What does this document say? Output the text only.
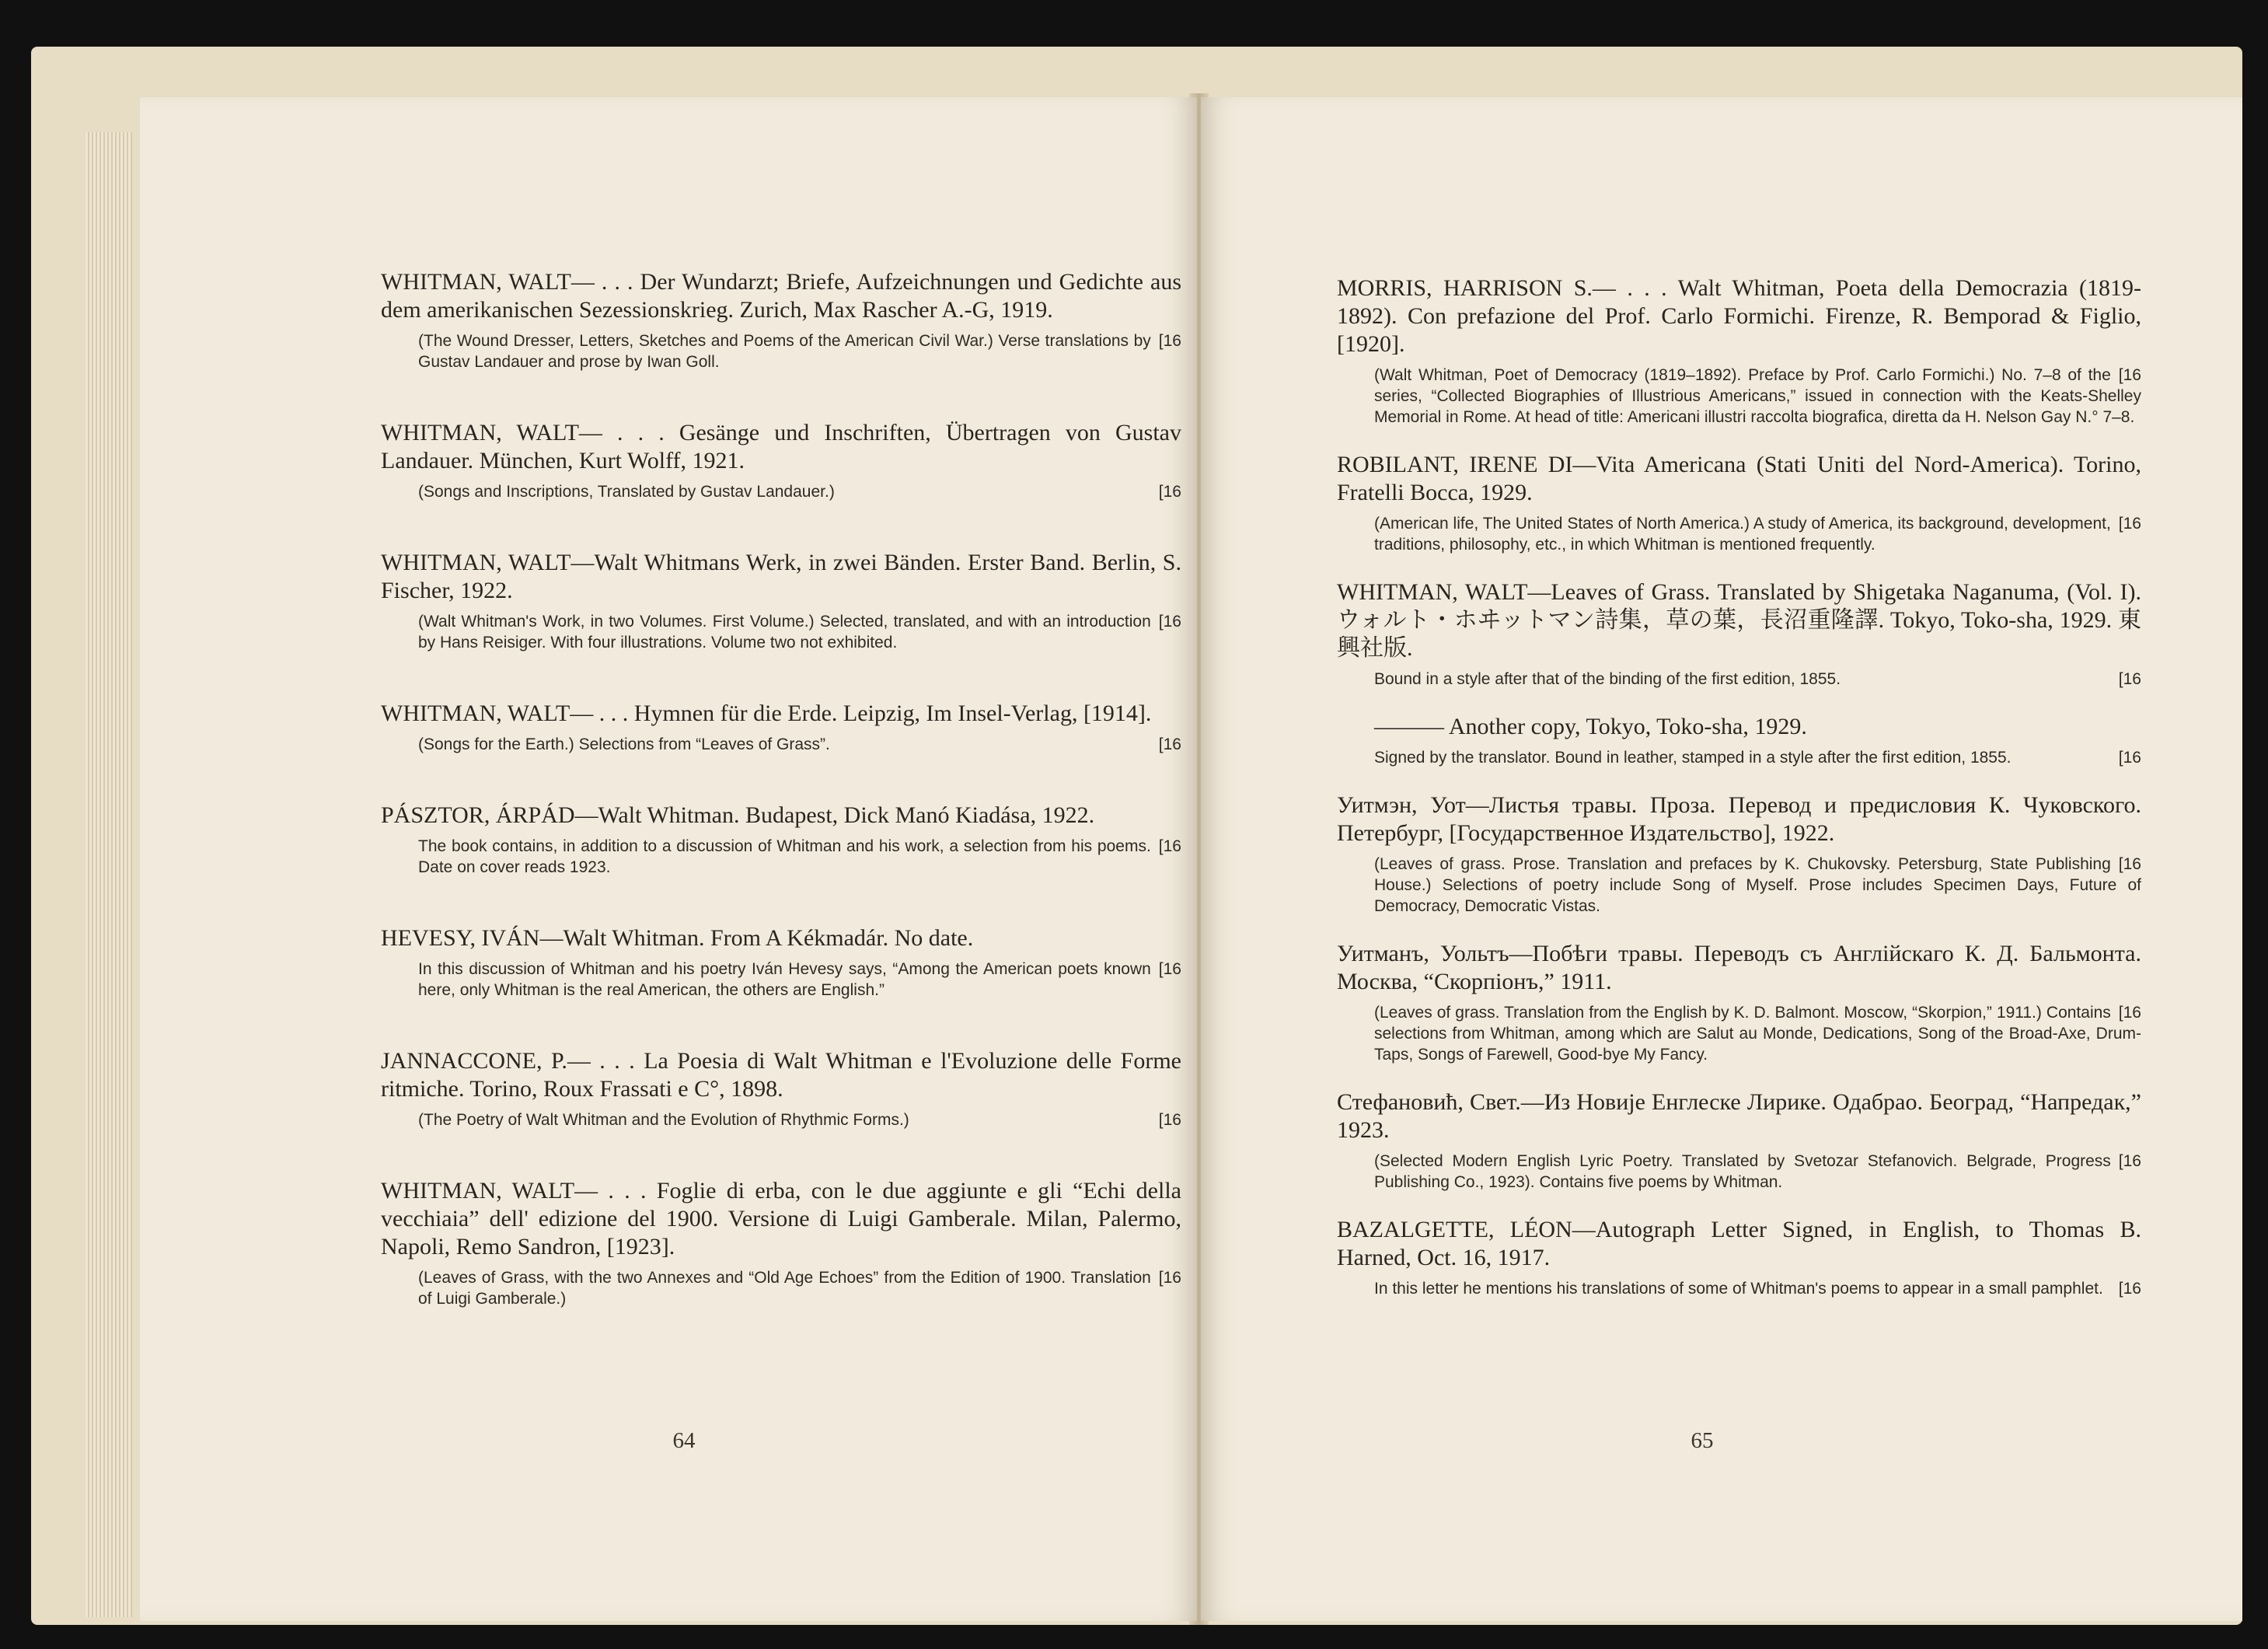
WHITMAN, WALT— . . . Der Wundarzt; Briefe, Aufzeichnungen und Gedichte aus dem amerikanischen Sezessionskrieg. Zurich, Max Rascher A.-G, 1919.

[16
(The Wound Dresser, Letters, Sketches and Poems of the American Civil War.) Verse translations by Gustav Landauer and prose by Iwan Goll.

WHITMAN, WALT— . . . Gesänge und Inschriften, Übertragen von Gustav Landauer. München, Kurt Wolff, 1921.

[16
(Songs and Inscriptions, Translated by Gustav Landauer.)

WHITMAN, WALT—Walt Whitmans Werk, in zwei Bänden. Erster Band. Berlin, S. Fischer, 1922.

[16
(Walt Whitman's Work, in two Volumes. First Volume.) Selected, translated, and with an introduction by Hans Reisiger. With four illustrations. Volume two not exhibited.

WHITMAN, WALT— . . . Hymnen für die Erde. Leipzig, Im Insel-Verlag, [1914].

[16
(Songs for the Earth.) Selections from “Leaves of Grass”.

PÁSZTOR, ÁRPÁD—Walt Whitman. Budapest, Dick Manó Kiadása, 1922.

[16
The book contains, in addition to a discussion of Whitman and his work, a selection from his poems. Date on cover reads 1923.

HEVESY, IVÁN—Walt Whitman. From A Kékmadár. No date.

[16
In this discussion of Whitman and his poetry Iván Hevesy says, “Among the American poets known here, only Whitman is the real American, the others are English.”

JANNACCONE, P.— . . . La Poesia di Walt Whitman e l'Evoluzione delle Forme ritmiche. Torino, Roux Frassati e C°, 1898.

[16
(The Poetry of Walt Whitman and the Evolution of Rhythmic Forms.)

WHITMAN, WALT— . . . Foglie di erba, con le due aggiunte e gli “Echi della vecchiaia” dell' edizione del 1900. Versione di Luigi Gamberale. Milan, Palermo, Napoli, Remo Sandron, [1923].

[16
(Leaves of Grass, with the two Annexes and “Old Age Echoes” from the Edition of 1900. Translation of Luigi Gamberale.)

64

MORRIS, HARRISON S.— . . . Walt Whitman, Poeta della Democrazia (1819-1892). Con prefazione del Prof. Carlo Formichi. Firenze, R. Bemporad & Figlio, [1920].

[16
(Walt Whitman, Poet of Democracy (1819–1892). Preface by Prof. Carlo Formichi.) No. 7–8 of the series, “Collected Biographies of Illustrious Americans,” issued in connection with the Keats-Shelley Memorial in Rome. At head of title: Americani illustri raccolta biografica, diretta da H. Nelson Gay N.° 7–8.

ROBILANT, IRENE DI—Vita Americana (Stati Uniti del Nord-America). Torino, Fratelli Bocca, 1929.

[16
(American life, The United States of North America.) A study of America, its background, development, traditions, philosophy, etc., in which Whitman is mentioned frequently.

WHITMAN, WALT—Leaves of Grass. Translated by Shigetaka Naganuma, (Vol. I). ウォルト・ホヰットマン詩集，草の葉，長沼重隆譯. Tokyo, Toko-sha, 1929. 東興社版.

[16
Bound in a style after that of the binding of the first edition, 1855.

——— Another copy, Tokyo, Toko-sha, 1929.

[16
Signed by the translator. Bound in leather, stamped in a style after the first edition, 1855.

Уитмэн, Уот—Листья травы. Проза. Перевод и предисловия К. Чуковского. Петербург, [Государственное Издательство], 1922.

[16
(Leaves of grass. Prose. Translation and prefaces by K. Chukovsky. Petersburg, State Publishing House.) Selections of poetry include Song of Myself. Prose includes Specimen Days, Future of Democracy, Democratic Vistas.

Уитманъ, Уольтъ—Побѣги травы. Переводъ съ Англійскаго К. Д. Бальмонта. Москва, “Скорпіонъ,” 1911.

[16
(Leaves of grass. Translation from the English by K. D. Balmont. Moscow, “Skorpion,” 1911.) Contains selections from Whitman, among which are Salut au Monde, Dedications, Song of the Broad-Axe, Drum-Taps, Songs of Farewell, Good-bye My Fancy.

Стефановић, Свет.—Из Новије Енглеске Лирике. Одабрао. Београд, “Напредак,” 1923.

[16
(Selected Modern English Lyric Poetry. Translated by Svetozar Stefanovich. Belgrade, Progress Publishing Co., 1923). Contains five poems by Whitman.

BAZALGETTE, LÉON—Autograph Letter Signed, in English, to Thomas B. Harned, Oct. 16, 1917.

[16
In this letter he mentions his translations of some of Whitman's poems to appear in a small pamphlet.

65
